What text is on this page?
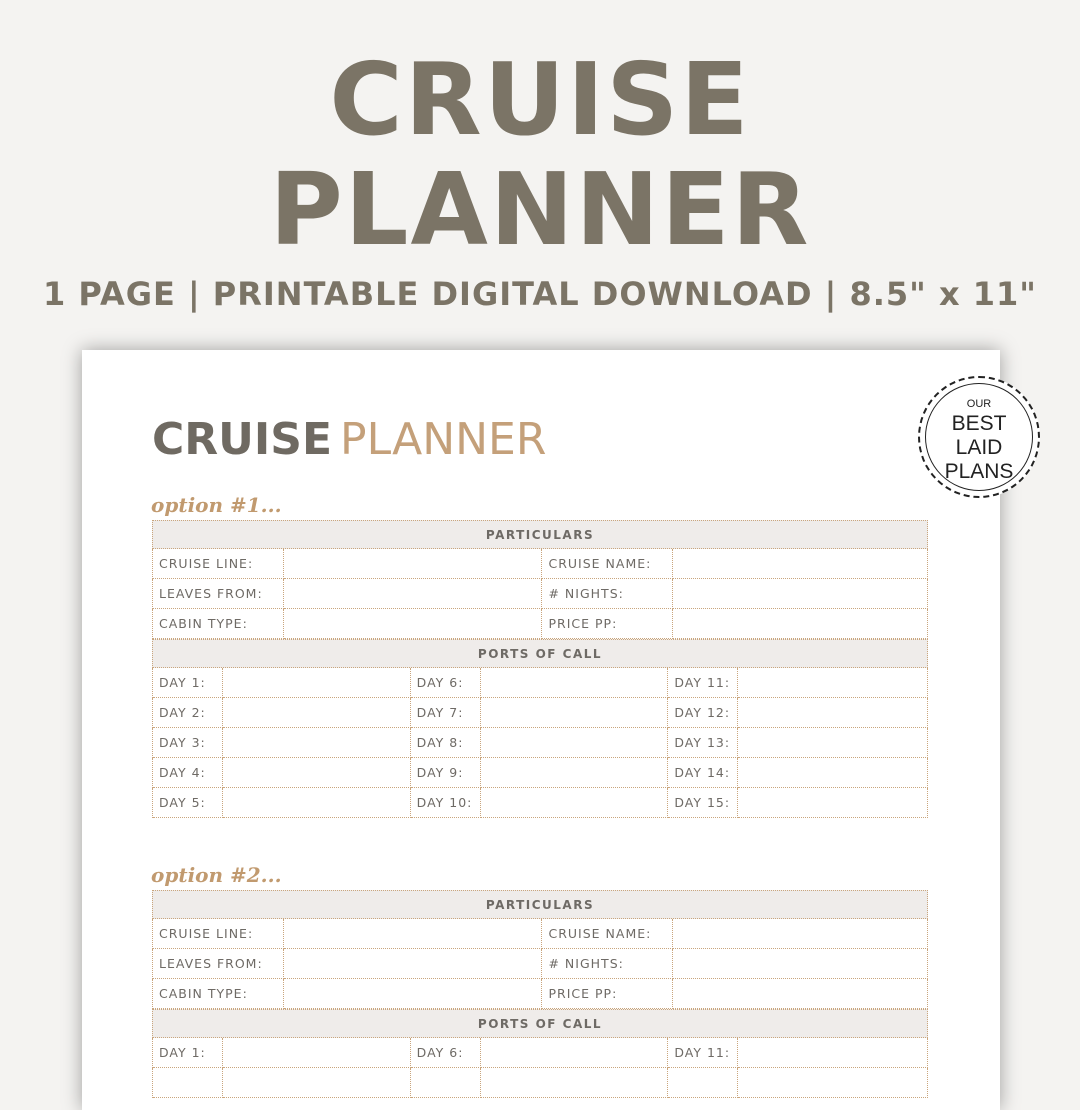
CRUISE
PLANNER
1 PAGE | PRINTABLE DIGITAL DOWNLOAD | 8.5" x 11"
CRUISE PLANNER
OUR
BEST
LAID
PLANS
option #1...
PARTICULARS
CRUISE LINE:	CRUISE NAME:
LEAVES FROM:	# NIGHTS:
CABIN TYPE:	PRICE PP:
PORTS OF CALL
DAY 1:	DAY 6:	DAY 11:
DAY 2:	DAY 7:	DAY 12:
DAY 3:	DAY 8:	DAY 13:
DAY 4:	DAY 9:	DAY 14:
DAY 5:	DAY 10:	DAY 15:
option #2...
PARTICULARS
CRUISE LINE:	CRUISE NAME:
LEAVES FROM:	# NIGHTS:
CABIN TYPE:	PRICE PP:
PORTS OF CALL
DAY 1:	DAY 6:	DAY 11:
